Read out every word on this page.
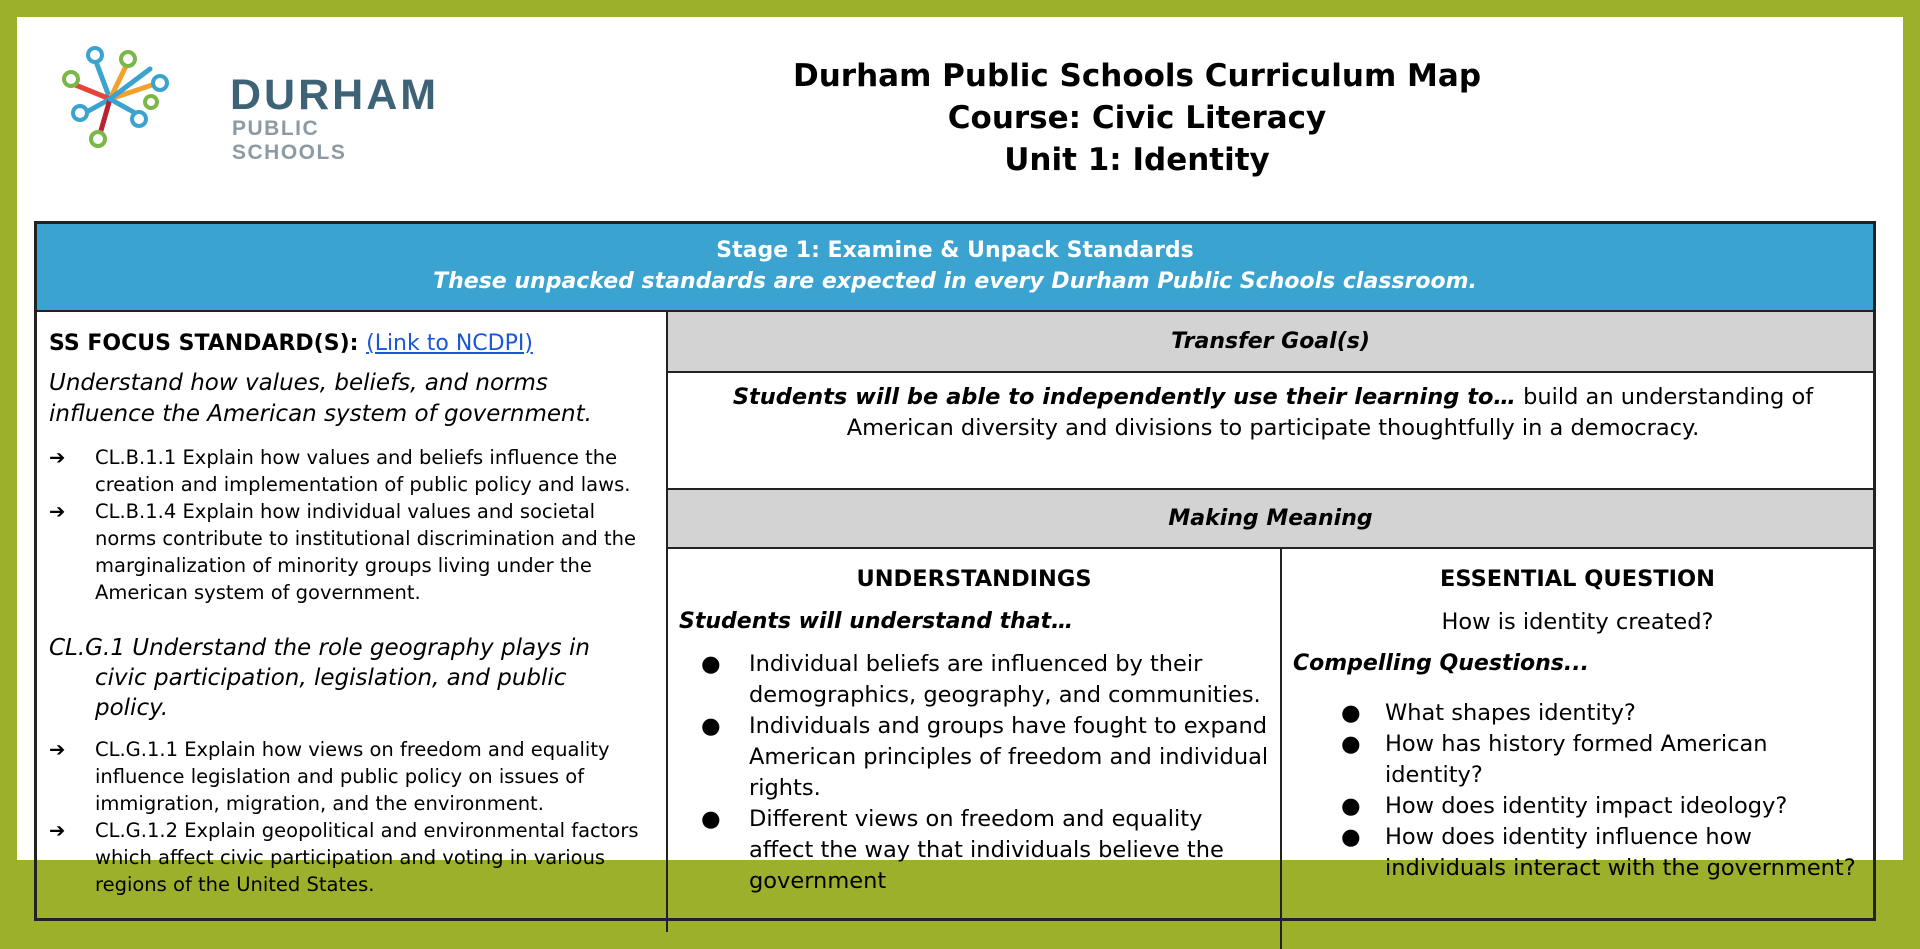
DURHAM
PUBLIC SCHOOLS
Durham Public Schools Curriculum Map
Course: Civic Literacy
Unit 1: Identity
Stage 1: Examine & Unpack Standards
These unpacked standards are expected in every Durham Public Schools classroom.
Transfer Goal(s)
Making Meaning
SS FOCUS STANDARD(S): (Link to NCDPI)
Understand how values, beliefs, and norms influence the American system of government.
➔ CL.B.1.1 Explain how values and beliefs influence the creation and implementation of public policy and laws.
➔ CL.B.1.4 Explain how individual values and societal norms contribute to institutional discrimination and the marginalization of minority groups living under the American system of government.
CL.G.1 Understand the role geography plays in civic participation, legislation, and public policy.
➔ CL.G.1.1 Explain how views on freedom and equality influence legislation and public policy on issues of immigration, migration, and the environment.
➔ CL.G.1.2 Explain geopolitical and environmental factors which affect civic participation and voting in various regions of the United States.
Students will be able to independently use their learning to… build an understanding of American diversity and divisions to participate thoughtfully in a democracy.
UNDERSTANDINGS
Students will understand that…
● Individual beliefs are influenced by their demographics, geography, and communities.
● Individuals and groups have fought to expand American principles of freedom and individual rights.
● Different views on freedom and equality affect the way that individuals believe the government
ESSENTIAL QUESTION
How is identity created?
Compelling Questions...
● What shapes identity?
● How has history formed American identity?
● How does identity impact ideology?
● How does identity influence how individuals interact with the government?
